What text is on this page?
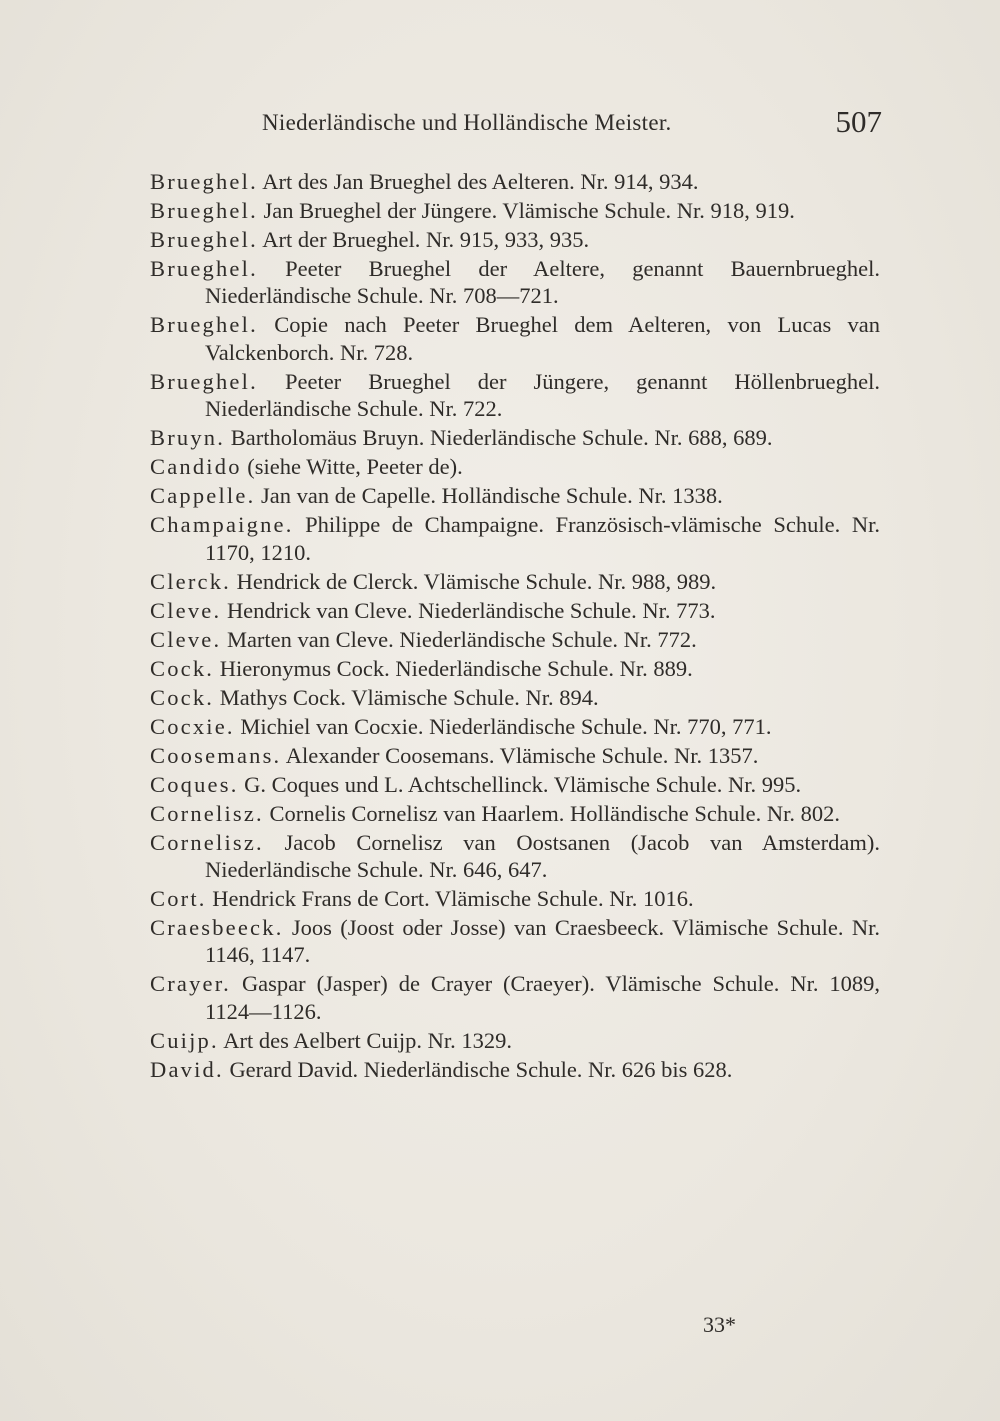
Niederländische und Holländische Meister.	507
Brueghel. Art des Jan Brueghel des Aelteren. Nr. 914, 934.
Brueghel. Jan Brueghel der Jüngere. Vlämische Schule. Nr. 918, 919.
Brueghel. Art der Brueghel. Nr. 915, 933, 935.
Brueghel. Peeter Brueghel der Aeltere, genannt Bauernbrueghel. Niederländische Schule. Nr. 708—721.
Brueghel. Copie nach Peeter Brueghel dem Aelteren, von Lucas van Valckenborch. Nr. 728.
Brueghel. Peeter Brueghel der Jüngere, genannt Höllenbrueghel. Niederländische Schule. Nr. 722.
Bruyn. Bartholomäus Bruyn. Niederländische Schule. Nr. 688, 689.
Candido (siehe Witte, Peeter de).
Cappelle. Jan van de Capelle. Holländische Schule. Nr. 1338.
Champaigne. Philippe de Champaigne. Französisch-vlämische Schule. Nr. 1170, 1210.
Clerck. Hendrick de Clerck. Vlämische Schule. Nr. 988, 989.
Cleve. Hendrick van Cleve. Niederländische Schule. Nr. 773.
Cleve. Marten van Cleve. Niederländische Schule. Nr. 772.
Cock. Hieronymus Cock. Niederländische Schule. Nr. 889.
Cock. Mathys Cock. Vlämische Schule. Nr. 894.
Cocxie. Michiel van Cocxie. Niederländische Schule. Nr. 770, 771.
Coosemans. Alexander Coosemans. Vlämische Schule. Nr. 1357.
Coques. G. Coques und L. Achtschellinck. Vlämische Schule. Nr. 995.
Cornelisz. Cornelis Cornelisz van Haarlem. Holländische Schule. Nr. 802.
Cornelisz. Jacob Cornelisz van Oostsanen (Jacob van Amsterdam). Niederländische Schule. Nr. 646, 647.
Cort. Hendrick Frans de Cort. Vlämische Schule. Nr. 1016.
Craesbeeck. Joos (Joost oder Josse) van Craesbeeck. Vlämische Schule. Nr. 1146, 1147.
Crayer. Gaspar (Jasper) de Crayer (Craeyer). Vlämische Schule. Nr. 1089, 1124—1126.
Cuijp. Art des Aelbert Cuijp. Nr. 1329.
David. Gerard David. Niederländische Schule. Nr. 626 bis 628.
33*
